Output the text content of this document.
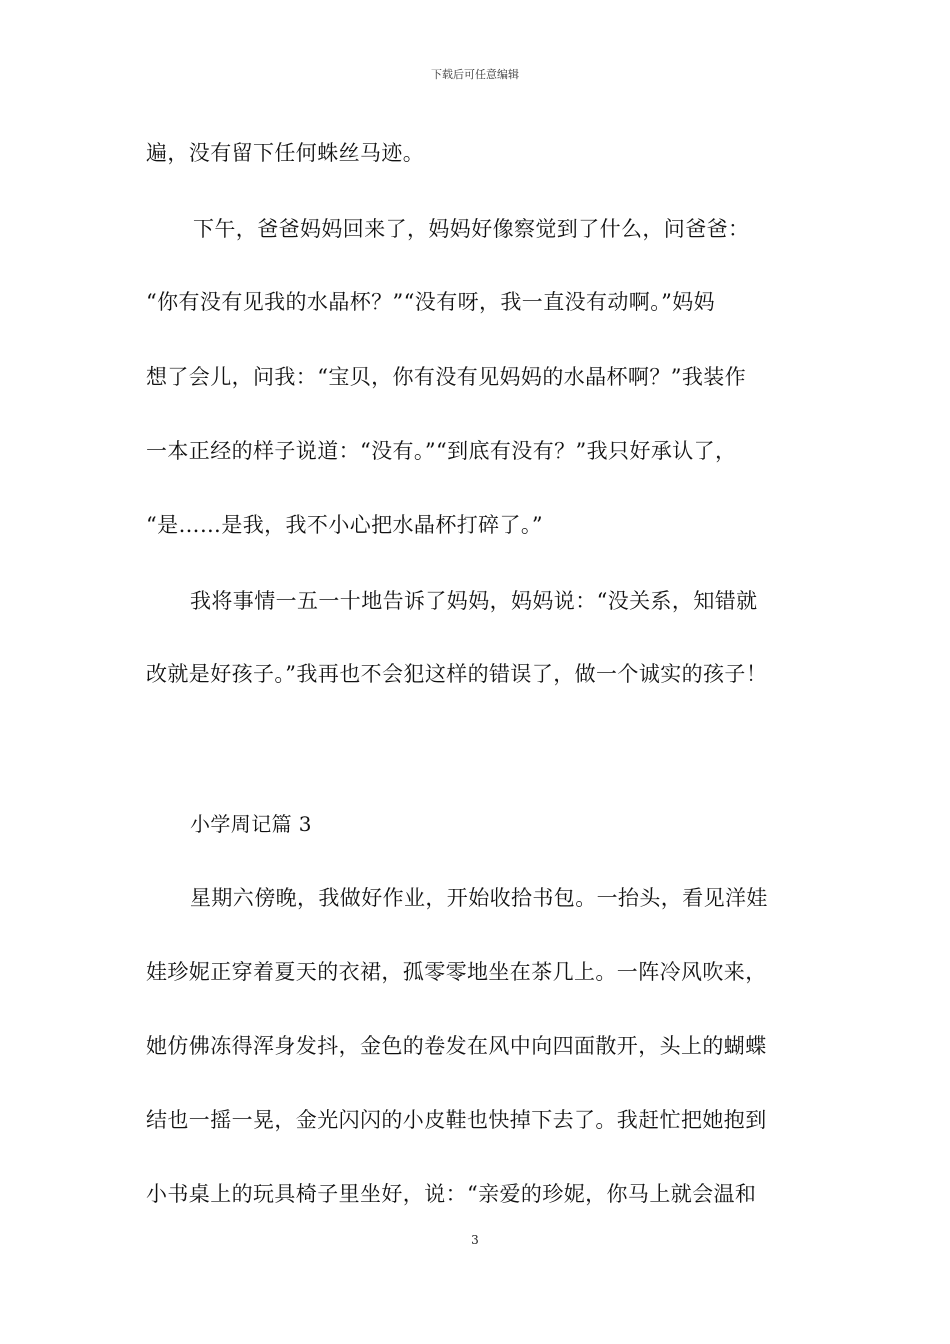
下载后可任意编辑
遍，没有留下任何蛛丝马迹。
下午，爸爸妈妈回来了，妈妈好像察觉到了什么，问爸爸：
“你有没有见我的水晶杯？”“没有呀，我一直没有动啊。”妈妈
想了会儿，问我：“宝贝，你有没有见妈妈的水晶杯啊？”我装作
一本正经的样子说道：“没有。”“到底有没有？”我只好承认了，
“是……是我，我不小心把水晶杯打碎了。”
我将事情一五一十地告诉了妈妈，妈妈说：“没关系，知错就
改就是好孩子。”我再也不会犯这样的错误了，做一个诚实的孩子！
小学周记篇 3
星期六傍晚，我做好作业，开始收拾书包。一抬头，看见洋娃
娃珍妮正穿着夏天的衣裙，孤零零地坐在茶几上。一阵冷风吹来，
她仿佛冻得浑身发抖，金色的卷发在风中向四面散开，头上的蝴蝶
结也一摇一晃，金光闪闪的小皮鞋也快掉下去了。我赶忙把她抱到
小书桌上的玩具椅子里坐好，说：“亲爱的珍妮，你马上就会温和
3
